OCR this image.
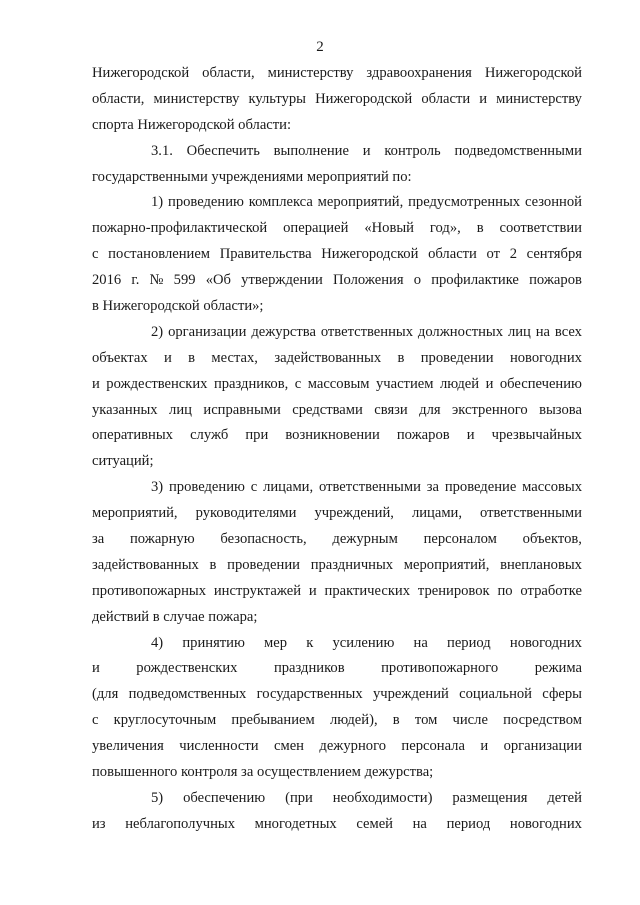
2
Нижегородской области, министерству здравоохранения Нижегородской
области, министерству культуры Нижегородской области и министерству
спорта Нижегородской области:
3.1. Обеспечить выполнение и контроль подведомственными
государственными учреждениями мероприятий по:
1) проведению комплекса мероприятий, предусмотренных сезонной
пожарно-профилактической операцией «Новый год», в соответствии
с постановлением Правительства Нижегородской области от 2 сентября
2016 г. № 599 «Об утверждении Положения о профилактике пожаров
в Нижегородской области»;
2) организации дежурства ответственных должностных лиц на всех
объектах и в местах, задействованных в проведении новогодних
и рождественских праздников, с массовым участием людей и обеспечению
указанных лиц исправными средствами связи для экстренного вызова
оперативных служб при возникновении пожаров и чрезвычайных
ситуаций;
3) проведению с лицами, ответственными за проведение массовых
мероприятий, руководителями учреждений, лицами, ответственными
за пожарную безопасность, дежурным персоналом объектов,
задействованных в проведении праздничных мероприятий, внеплановых
противопожарных инструктажей и практических тренировок по отработке
действий в случае пожара;
4) принятию мер к усилению на период новогодних
и рождественских праздников противопожарного режима
(для подведомственных государственных учреждений социальной сферы
с круглосуточным пребыванием людей), в том числе посредством
увеличения численности смен дежурного персонала и организации
повышенного контроля за осуществлением дежурства;
5) обеспечению (при необходимости) размещения детей
из неблагополучных многодетных семей на период новогодних
